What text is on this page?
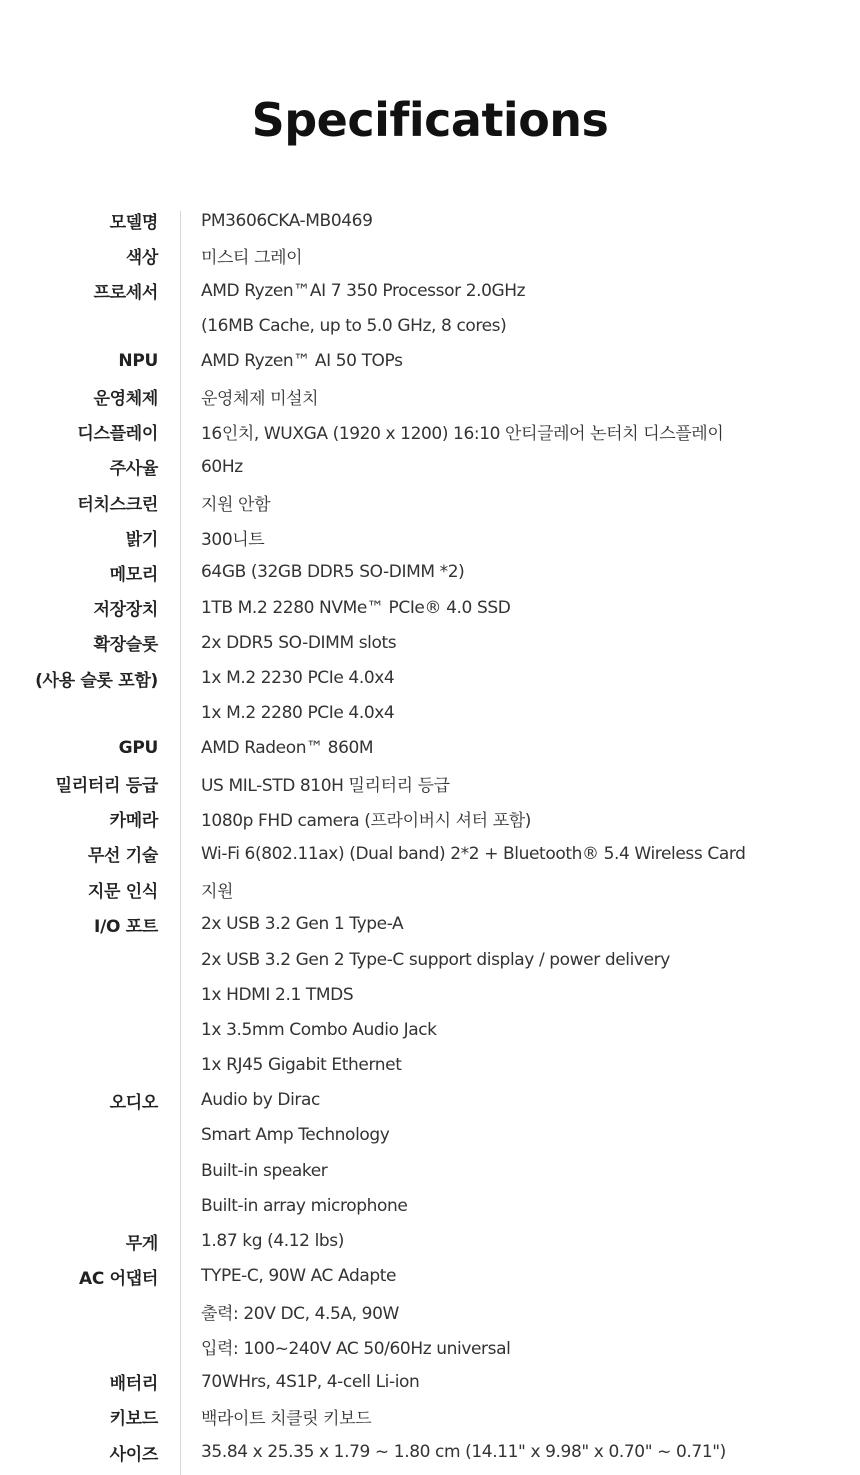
Specifications
모델명	PM3606CKA-MB0469
색상	미스티 그레이
프로세서	AMD Ryzen™AI 7 350 Processor 2.0GHz
(16MB Cache, up to 5.0 GHz, 8 cores)
NPU	AMD Ryzen™ AI 50 TOPs
운영체제	운영체제 미설치
디스플레이	16인치, WUXGA (1920 x 1200) 16:10 안티글레어 논터치 디스플레이
주사율	60Hz
터치스크린	지원 안함
밝기	300니트
메모리	64GB (32GB DDR5 SO-DIMM *2)
저장장치	1TB M.2 2280 NVMe™ PCIe® 4.0 SSD
확장슬롯	2x DDR5 SO-DIMM slots
(사용 슬롯 포함)	1x M.2 2230 PCIe 4.0x4
1x M.2 2280 PCIe 4.0x4
GPU	AMD Radeon™ 860M
밀리터리 등급	US MIL-STD 810H 밀리터리 등급
카메라	1080p FHD camera (프라이버시 셔터 포함)
무선 기술	Wi-Fi 6(802.11ax) (Dual band) 2*2 + Bluetooth® 5.4 Wireless Card
지문 인식	지원
I/O 포트	2x USB 3.2 Gen 1 Type-A
2x USB 3.2 Gen 2 Type-C support display / power delivery
1x HDMI 2.1 TMDS
1x 3.5mm Combo Audio Jack
1x RJ45 Gigabit Ethernet
오디오	Audio by Dirac
Smart Amp Technology
Built-in speaker
Built-in array microphone
무게	1.87 kg (4.12 lbs)
AC 어댑터	TYPE-C, 90W AC Adapte
출력: 20V DC, 4.5A, 90W
입력: 100~240V AC 50/60Hz universal
배터리	70WHrs, 4S1P, 4-cell Li-ion
키보드	백라이트 치클릿 키보드
사이즈	35.84 x 25.35 x 1.79 ~ 1.80 cm (14.11" x 9.98" x 0.70" ~ 0.71")
